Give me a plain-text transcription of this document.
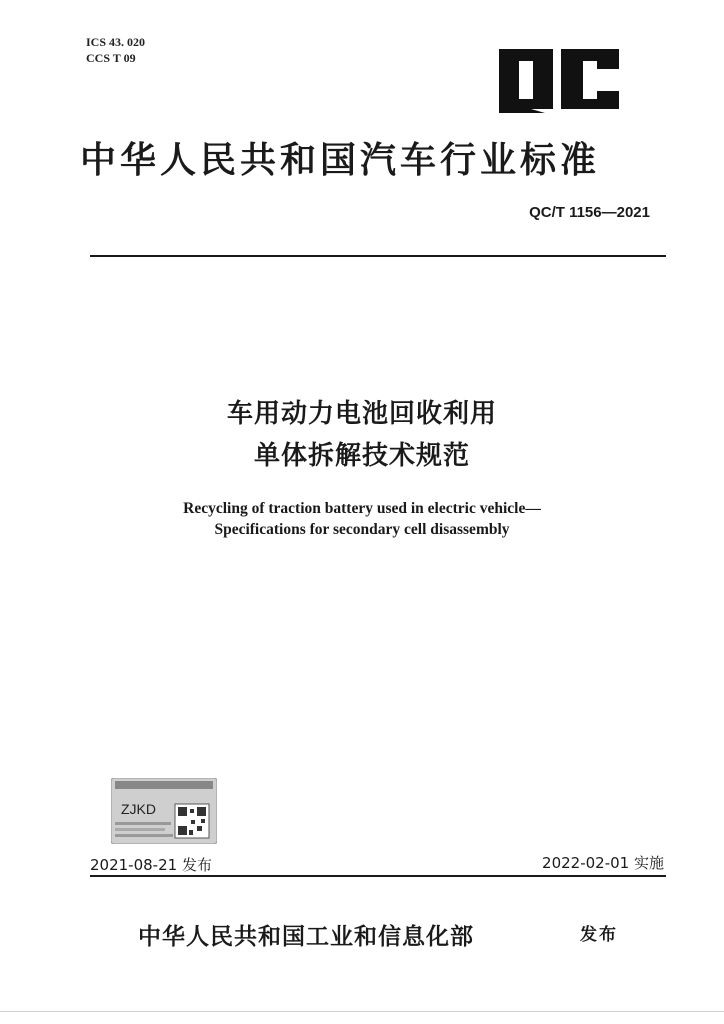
ICS 43. 020
CCS T 09
中华人民共和国汽车行业标准
QC/T 1156—2021
车用动力电池回收利用
单体拆解技术规范
Recycling of traction battery used in electric vehicle—
Specifications for secondary cell disassembly
ZJKD
2021-08-21 发布	2022-02-01 实施
中华人民共和国工业和信息化部	发布
